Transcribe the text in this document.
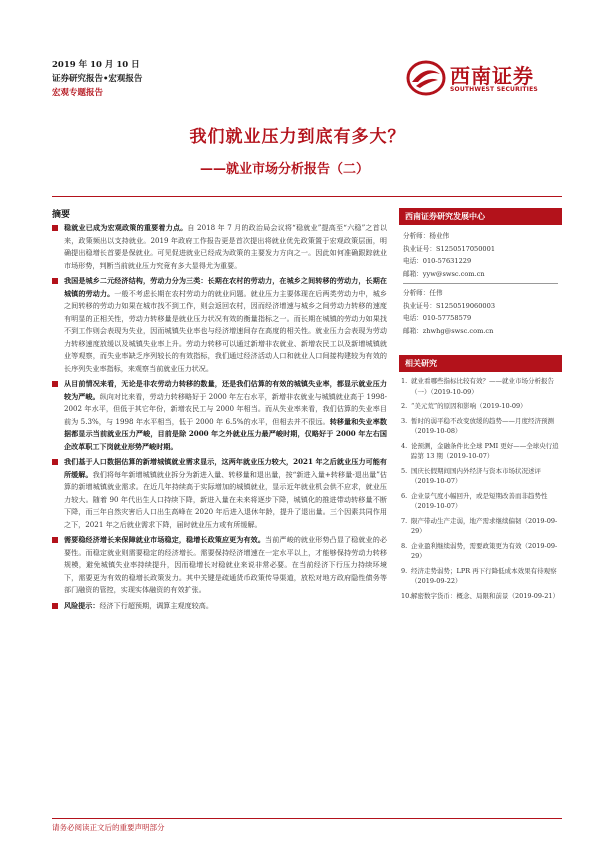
2019 年 10 月 10 日
证券研究报告•宏观报告
宏观专题报告
西南证券
SOUTHWEST SECURITIES
我们就业压力到底有多大？
——就业市场分析报告（二）
摘要
稳就业已成为宏观政策的重要着力点。自 2018 年 7 月的政治局会议将“稳就业”提高至“六稳”之首以来，政策频出以支持就业。2019 年政府工作报告更是首次提出将就业优先政策置于宏观政策层面，明确提出稳增长首要是保就业。可见促进就业已经成为政策的主要发力方向之一。因此如何准确跟踪就业市场形势，判断当前就业压力究竟有多大显得尤为重要。
我国是城乡二元经济结构，劳动力分为三类：长期在农村的劳动力，在城乡之间转移的劳动力，长期在城镇的劳动力。一般不考虑长期在农村劳动力的就业问题。就业压力主要体现在后两类劳动力中，城乡之间转移的劳动力如果在城市找不到工作，则会返回农村，因而经济增速与城乡之间劳动力转移的速度有明显的正相关性，劳动力转移量是就业压力状况有效的衡量指标之一。而长期在城镇的劳动力如果找不到工作则会表现为失业，因而城镇失业率也与经济增速间存在高度的相关性。就业压力会表现为劳动力转移速度放缓以及城镇失业率上升。劳动力转移可以通过新增非农就业、新增农民工以及新增城镇就业等观察，而失业率缺乏序列较长的有效指标，我们通过经济活动人口和就业人口间接构建较为有效的长序列失业率指标，来观察当前就业压力状况。
从目前情况来看，无论是非农劳动力转移的数量，还是我们估算的有效的城镇失业率，都显示就业压力较为严峻。纵向对比来看，劳动力转移略好于 2000 年左右水平，新增非农就业与城镇就业高于 1998-2002 年水平，但低于其它年份，新增农民工与 2000 年相当。而从失业率来看，我们估算的失业率目前为 5.3%，与 1998 年水平相当，低于 2000 年 6.5%的水平，但相去并不很远。转移量和失业率数据都显示当前就业压力严峻，目前是除 2000 年之外就业压力最严峻时期，仅略好于 2000 年左右国企改革职工下岗就业形势严峻时期。
我们基于人口数据估算的新增城镇就业需求显示，这两年就业压力较大，2021 年之后就业压力可能有所缓解。我们将每年新增城镇就业拆分为新进入量、转移量和退出量，按“新进入量+转移量-退出量”估算的新增城镇就业需求。在近几年持续高于实际增加的城镇就业，显示近年就业机会供不应求，就业压力较大。随着 90 年代出生人口持续下降，新进入量在未来将逐步下降，城镇化的推进带动转移量不断下降，而三年自然灾害后人口出生高峰在 2020 年后进入退休年龄，提升了退出量。三个因素共同作用之下，2021 年之后就业需求下降，届时就业压力或有所缓解。
需要稳经济增长来保障就业市场稳定，稳增长政策应更为有效。当前严峻的就业形势凸显了稳就业的必要性。而稳定就业则需要稳定的经济增长。需要保持经济增速在一定水平以上，才能够保持劳动力转移规模，避免城镇失业率持续提升，因而稳增长对稳就业来说非常必要。在当前经济下行压力持续环境下，需要更为有效的稳增长政策发力。其中关键是疏通货币政策传导渠道，放松对地方政府隐性债务等部门融资的管控，实现实体融资的有效扩张。
风险提示：经济下行超预期，调算主观度较高。
西南证券研究发展中心
分析师：杨业伟
执业证号：S1250517050001
电话：010-57631229
邮箱：yyw@swsc.com.cn
分析师：任伟
执业证号：S1250519060003
电话：010-57758579
邮箱：zhwhg@swsc.com.cn
相关研究
1. 就业看哪些指标比较有效？——就业市场分析报告（一）（2019-10-09）
2. “美元荒”的原因和影响（2019-10-09）
3. 暂时的弱平稳不改变放缓的趋势——月度经济预测（2019-10-08）
4. 论预测，金融条件比全球 PMI 更好——全球央行追踪第 13 期（2019-10-07）
5. 国庆长假期间国内外经济与资本市场状况述评（2019-10-07）
6. 企业景气度小幅回升，或是短期改善而非趋势性（2019-10-07）
7. 限产带动生产走弱，地产需求继续偏韧（2019-09-29）
8. 企业盈利继续弱势，需要政策更为有效（2019-09-29）
9. 经济走势弱势；LPR 再下行降低成本效果有待观察（2019-09-22）
10. 解密数字货币：概念、局限和前景（2019-09-21）
请务必阅读正文后的重要声明部分
